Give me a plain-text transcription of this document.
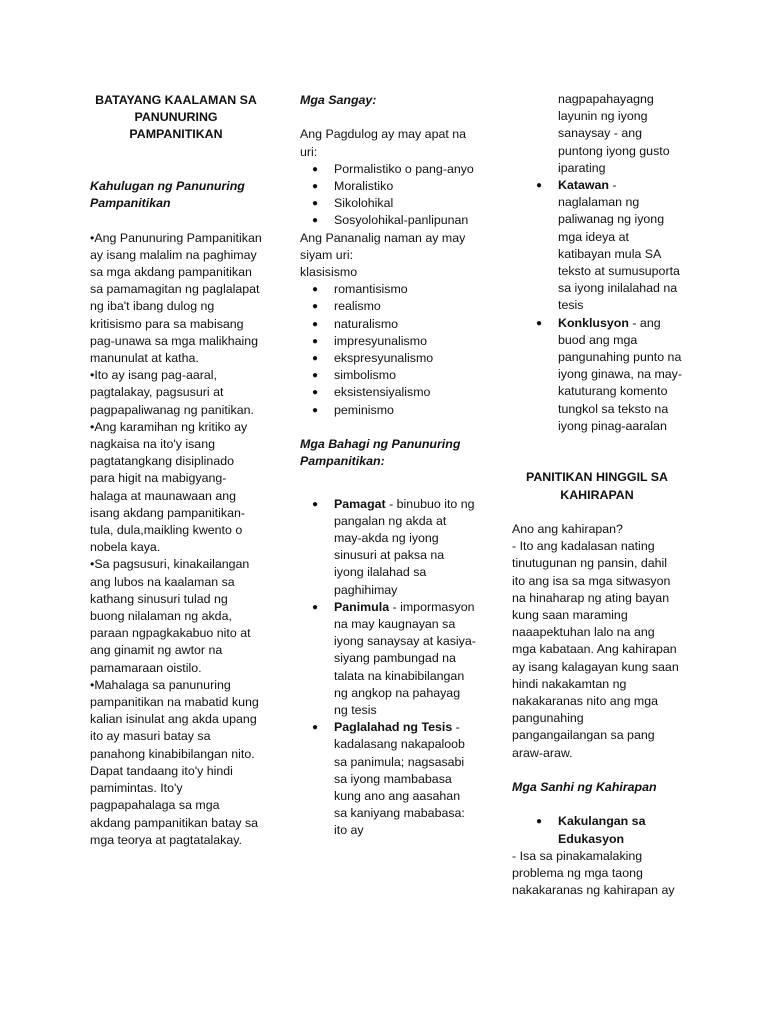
BATAYANG KAALAMAN SA PANUNURING PAMPANITIKAN

Kahulugan ng Panunuring Pampanitikan

•Ang Panunuring Pampanitikan ay isang malalim na paghimay sa mga akdang pampanitikan sa pamamagitan ng paglalapat ng iba't ibang dulog ng kritisismo para sa mabisang pag-unawa sa mga malikhaing manunulat at katha.

•Ito ay isang pag-aaral, pagtalakay, pagsusuri at pagpapaliwanag ng panitikan.

•Ang karamihan ng kritiko ay nagkaisa na ito'y isang pagtatangkang disiplinado para higit na mabigyang-halaga at maunawaan ang isang akdang pampanitikan-tula, dula,maikling kwento o nobela kaya.

•Sa pagsusuri, kinakailangan ang lubos na kaalaman sa kathang sinusuri tulad ng buong nilalaman ng akda, paraan ngpagkakabuo nito at ang ginamit ng awtor na pamamaraan oistilo.

•Mahalaga sa panunuring pampanitikan na mabatid kung kalian isinulat ang akda upang ito ay masuri batay sa panahong kinabibilangan nito. Dapat tandaang ito'y hindi pamimintas. Ito'y pagpapahalaga sa mga akdang pampanitikan batay sa mga teorya at pagtatalakay.

Mga Sangay:

Ang Pagdulog ay may apat na uri:

● Pormalistiko o pang-anyo
● Moralistiko
● Sikolohikal
● Sosyolohikal-panlipunan

Ang Pananalig naman ay may siyam uri:

klasisismo

● romantisismo
● realismo
● naturalismo
● impresyunalismo
● ekspresyunalismo
● simbolismo
● eksistensiyalismo
● peminismo

Mga Bahagi ng Panunuring Pampanitikan:

● Pamagat - binubuo ito ng pangalan ng akda at may-akda ng iyong sinusuri at paksa na iyong ilalahad sa paghihimay
● Panimula - impormasyon na may kaugnayan sa iyong sanaysay at kasiya-siyang pambungad na talata na kinabibilangan ng angkop na pahayag ng tesis
● Paglalahad ng Tesis - kadalasang nakapaloob sa panimula; nagsasabi sa iyong mambabasa kung ano ang aasahan sa kaniyang mababasa: ito ay

nagpapahayagng layunin ng iyong sanaysay - ang puntong iyong gusto iparating

● Katawan - naglalaman ng paliwanag ng iyong mga ideya at katibayan mula SA teksto at sumusuporta sa iyong inilalahad na tesis
● Konklusyon - ang buod ang mga pangunahing punto na iyong ginawa, na may- katuturang komento tungkol sa teksto na iyong pinag-aaralan

PANITIKAN HINGGIL SA KAHIRAPAN

Ano ang kahirapan?

- Ito ang kadalasan nating tinutugunan ng pansin, dahil ito ang isa sa mga sitwasyon na hinaharap ng ating bayan kung saan maraming naaapektuhan lalo na ang mga kabataan. Ang kahirapan ay isang kalagayan kung saan hindi nakakamtan ng nakakaranas nito ang mga pangunahing pangangailangan sa pang araw-araw.

Mga Sanhi ng Kahirapan

● Kakulangan sa Edukasyon

- Isa sa pinakamalaking problema ng mga taong nakakaranas ng kahirapan ay
